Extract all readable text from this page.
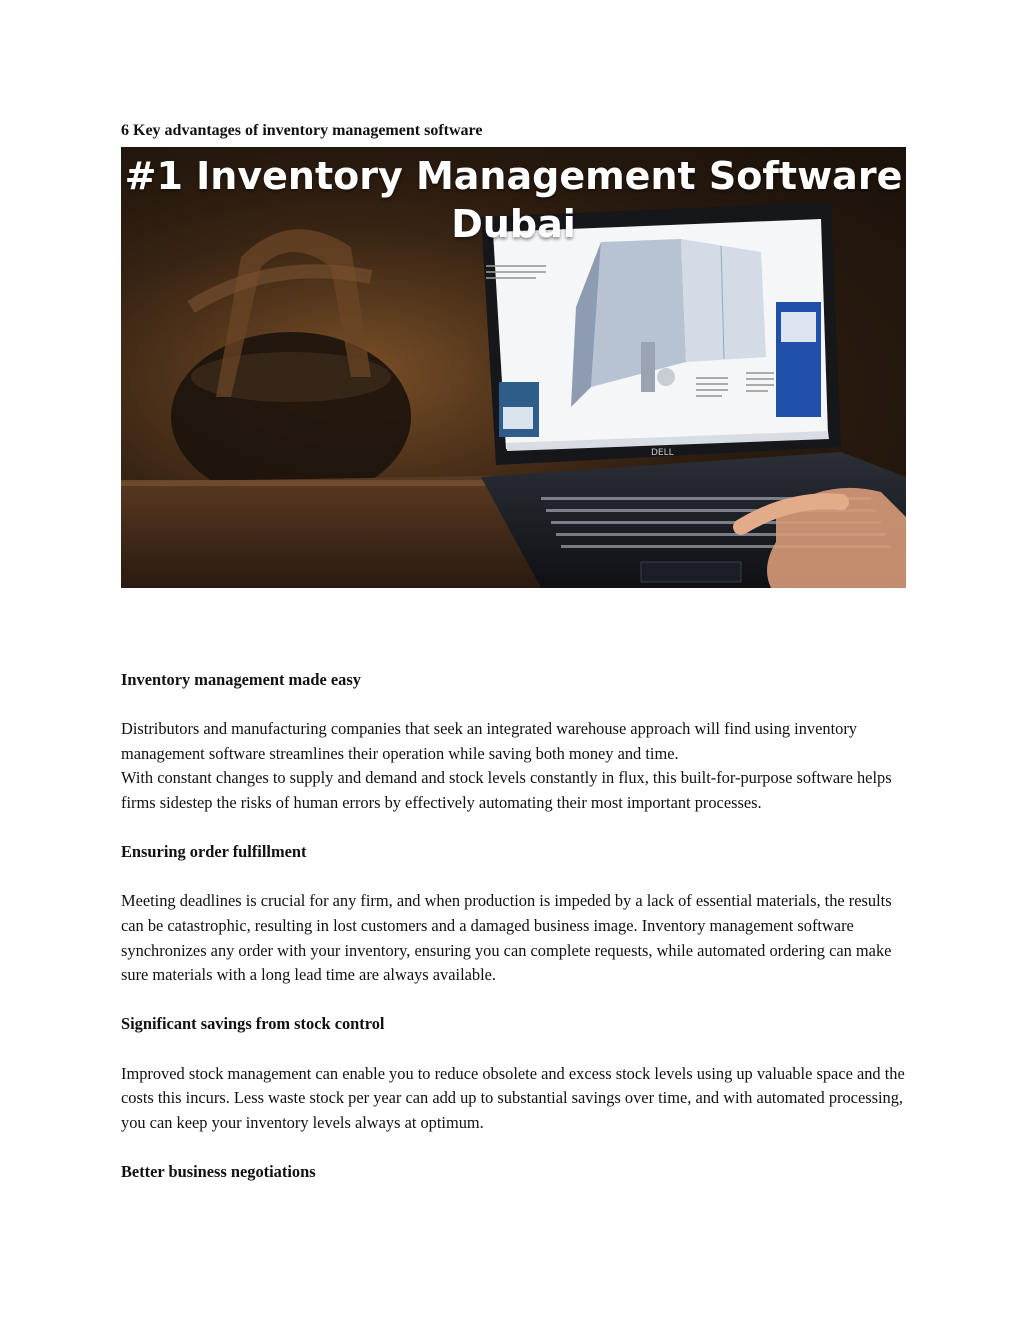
6 Key advantages of inventory management software
DELL
#1 Inventory Management Software
Dubai
Inventory management made easy

Distributors and manufacturing companies that seek an integrated warehouse approach will find using inventory management software streamlines their operation while saving both money and time.

With constant changes to supply and demand and stock levels constantly in flux, this built-for-purpose software helps firms sidestep the risks of human errors by effectively automating their most important processes.

Ensuring order fulfillment

Meeting deadlines is crucial for any firm, and when production is impeded by a lack of essential materials, the results can be catastrophic, resulting in lost customers and a damaged business image. Inventory management software synchronizes any order with your inventory, ensuring you can complete requests, while automated ordering can make sure materials with a long lead time are always available.

Significant savings from stock control

Improved stock management can enable you to reduce obsolete and excess stock levels using up valuable space and the costs this incurs. Less waste stock per year can add up to substantial savings over time, and with automated processing, you can keep your inventory levels always at optimum.

Better business negotiations
